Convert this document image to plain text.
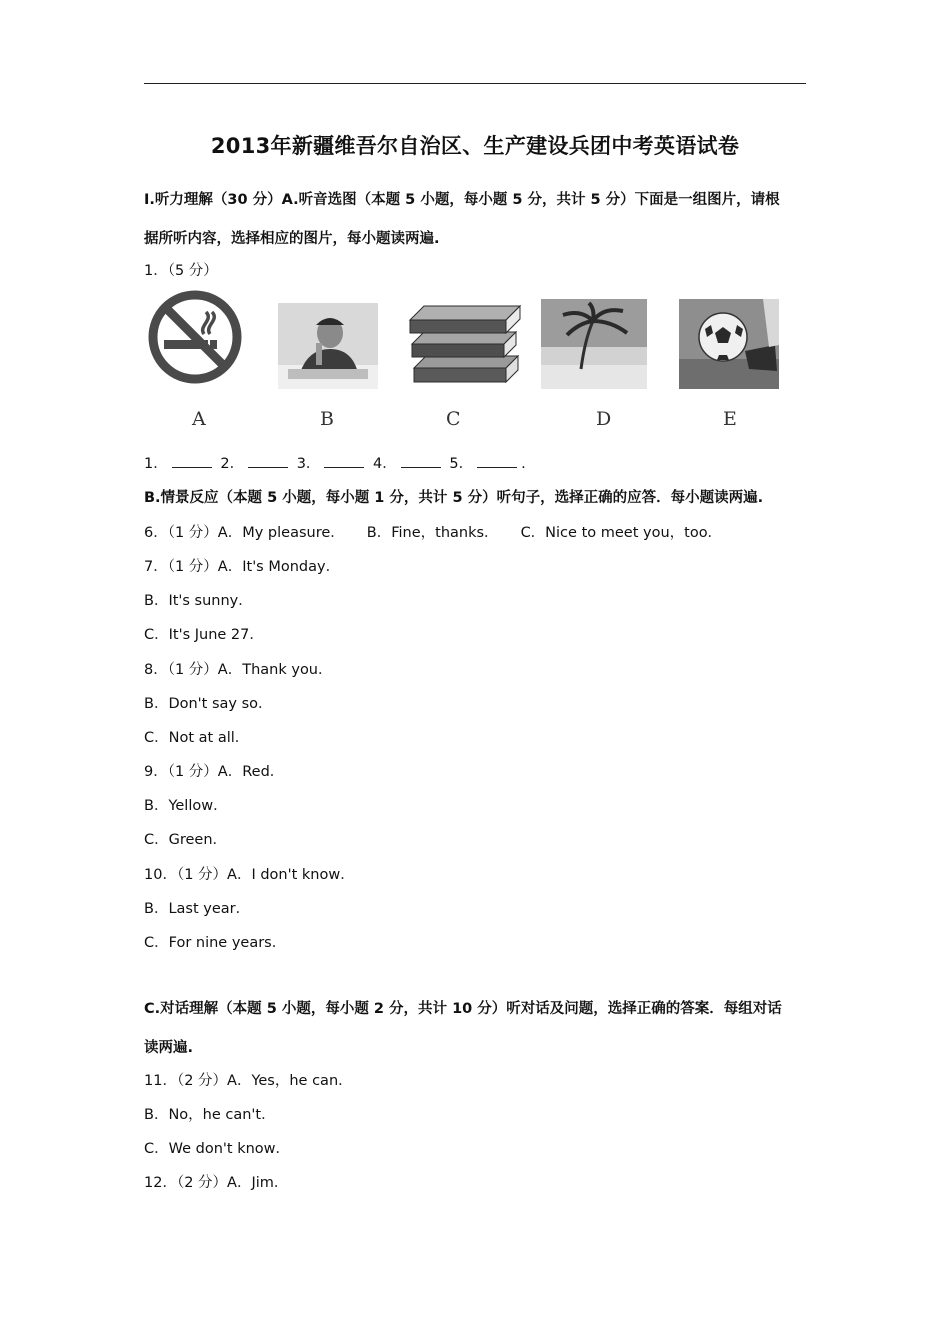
2013年新疆维吾尔自治区、生产建设兵团中考英语试卷
Ⅰ.听力理解（30 分）A.听音选图（本题 5 小题，每小题 5 分，共计 5 分）下面是一组图片，请根
据所听内容，选择相应的图片，每小题读两遍.
1．（5 分）
A	B	C	D	E
1．	2．	3．	4．	5．	.
B.情景反应（本题 5 小题，每小题 1 分，共计 5 分）听句子，选择正确的应答．每小题读两遍.
6．（1 分）A．My pleasure． B．Fine，thanks． C．Nice to meet you，too．
7．（1 分）A．It's Monday．
B．It's sunny．
C．It's June 27．
8．（1 分）A．Thank you．
B．Don't say so．
C．Not at all．
9．（1 分）A．Red．
B．Yellow．
C．Green．
10．（1 分）A．I don't know．
B．Last year．
C．For nine years．
C.对话理解（本题 5 小题，每小题 2 分，共计 10 分）听对话及问题，选择正确的答案．每组对话
读两遍.
11．（2 分）A．Yes，he can．
B．No，he can't．
C．We don't know．
12．（2 分）A．Jim．
